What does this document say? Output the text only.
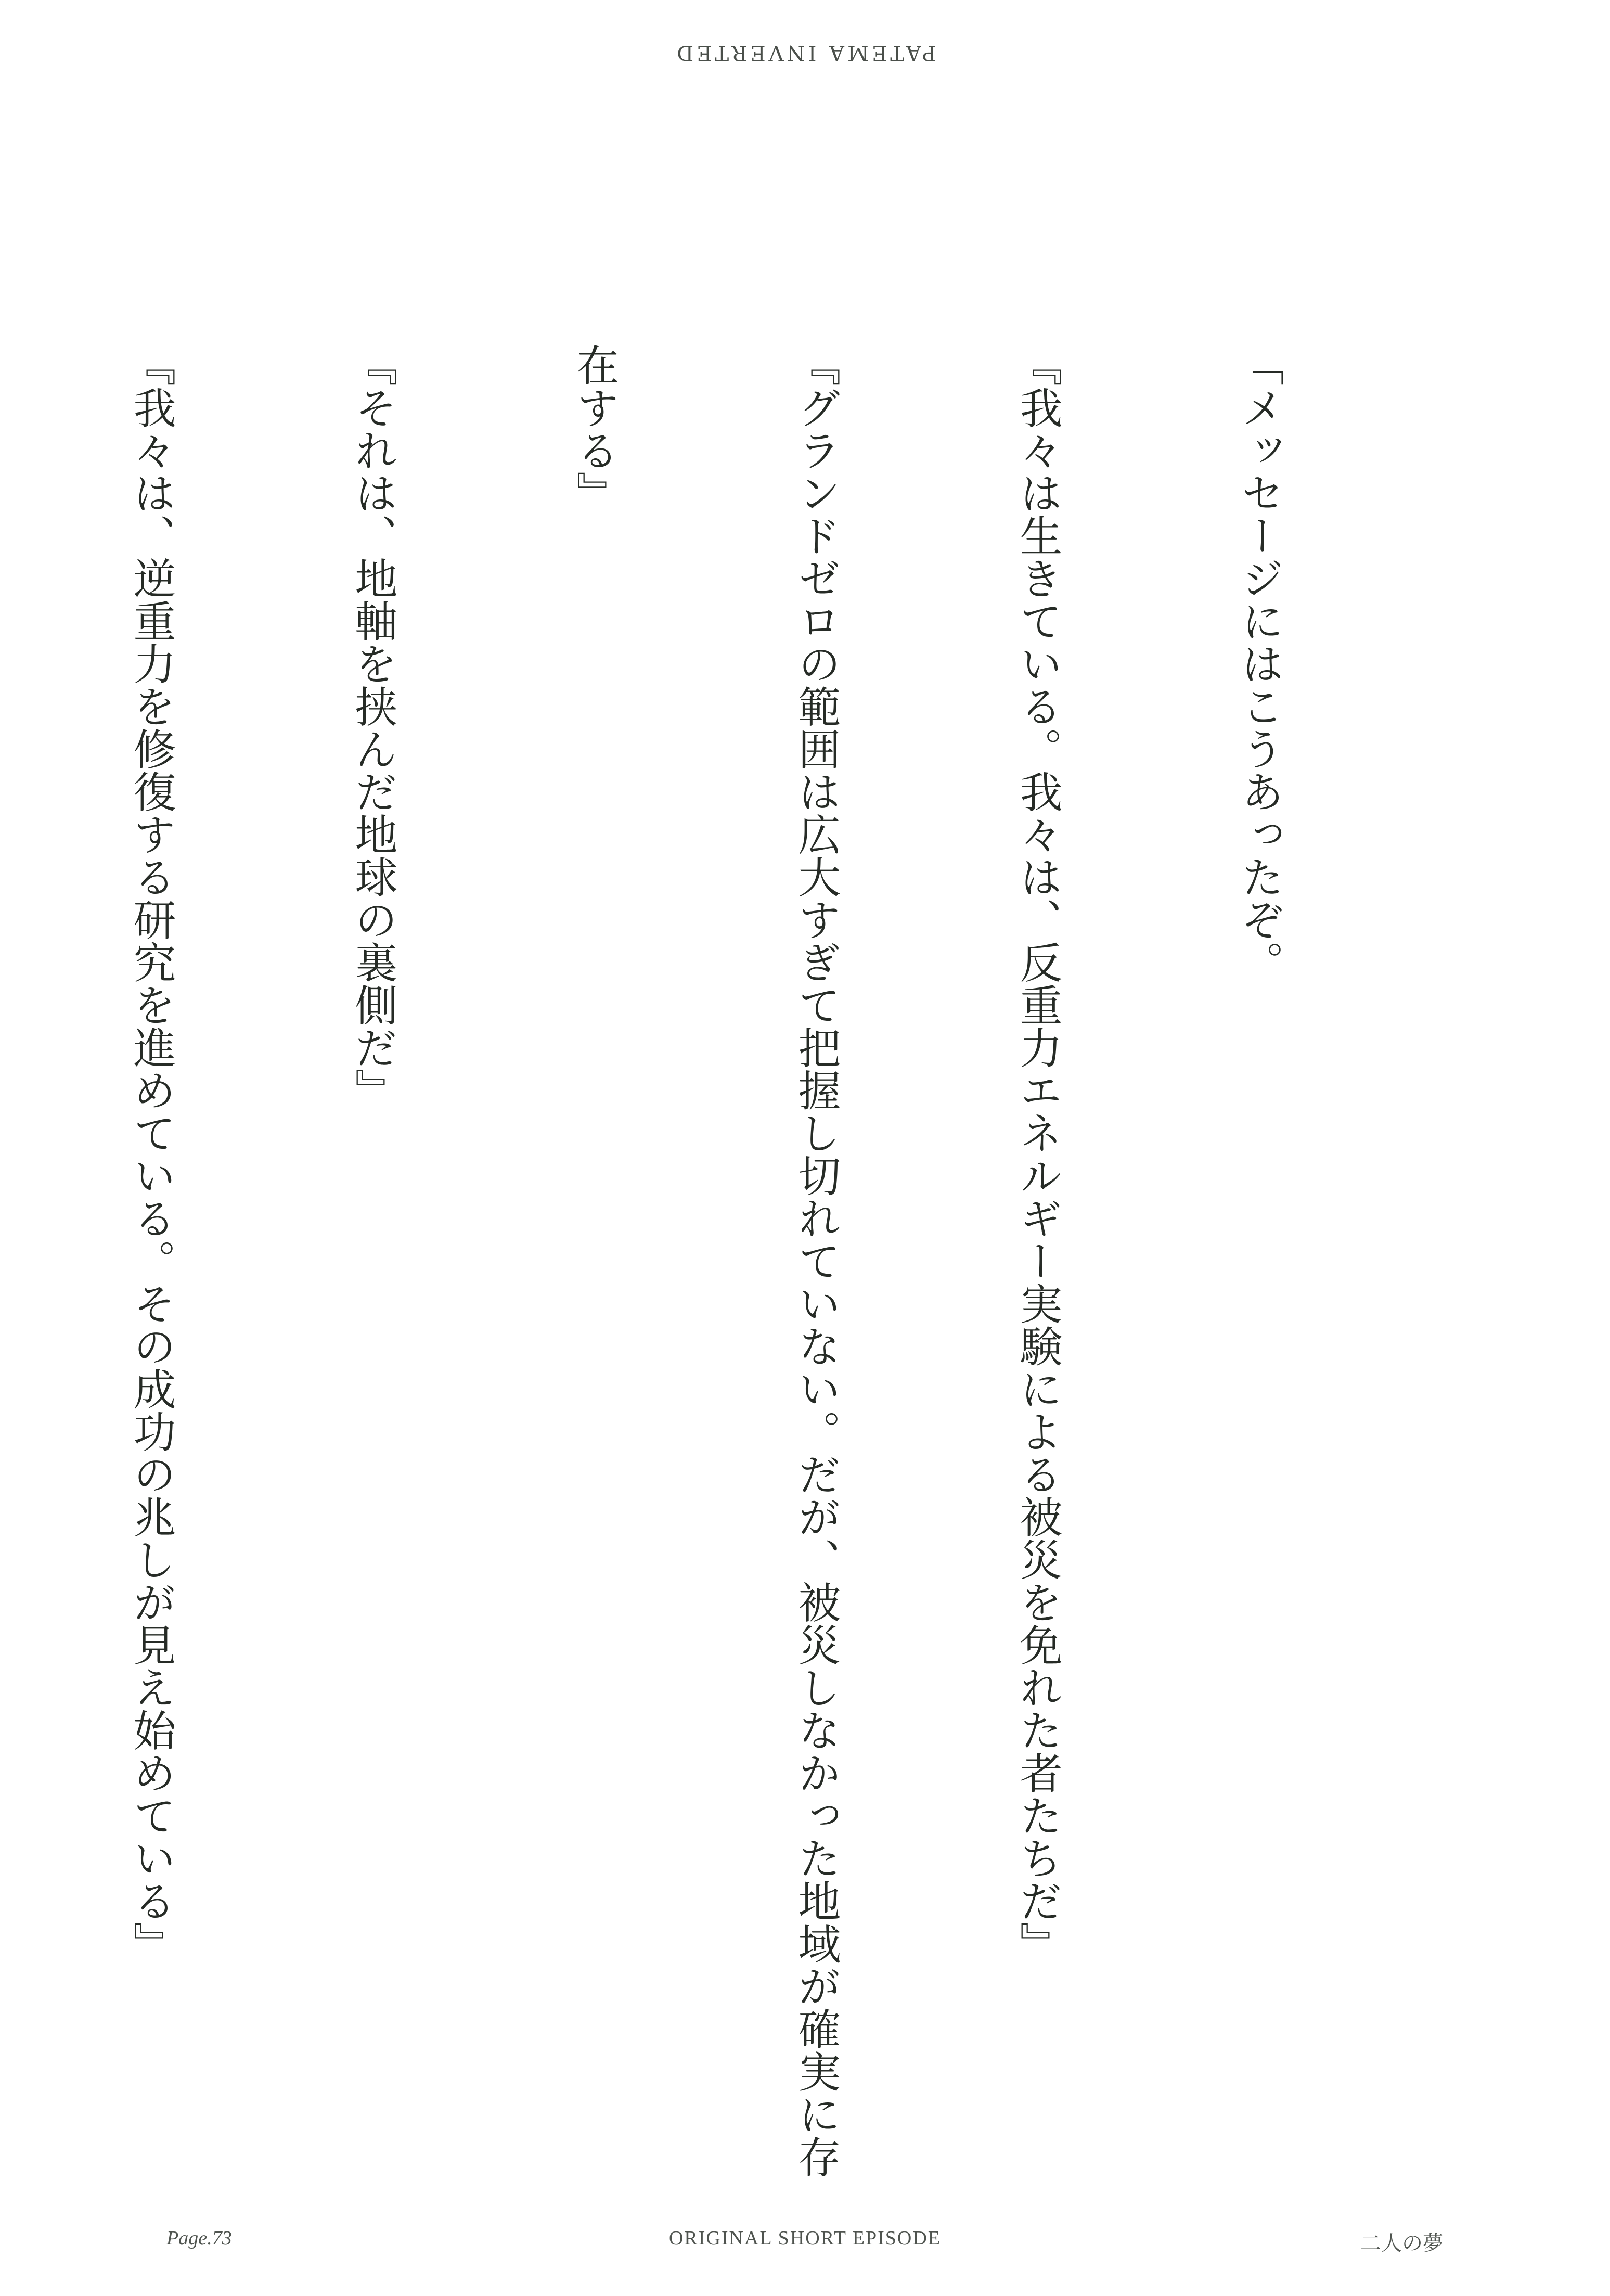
PATEMA INVERTED

「メッセージにはこうあったぞ。

『我々は生きている。我々は、反重力エネルギー実験による被災を免れた者たちだ』

『グランドゼロの範囲は広大すぎて把握し切れていない。だが、被災しなかった地域が確実に存

在する』

『それは、地軸を挟んだ地球の裏側だ』

『我々は、逆重力を修復する研究を進めている。その成功の兆しが見え始めている』

Page.73	ORIGINAL SHORT EPISODE	二人の夢
